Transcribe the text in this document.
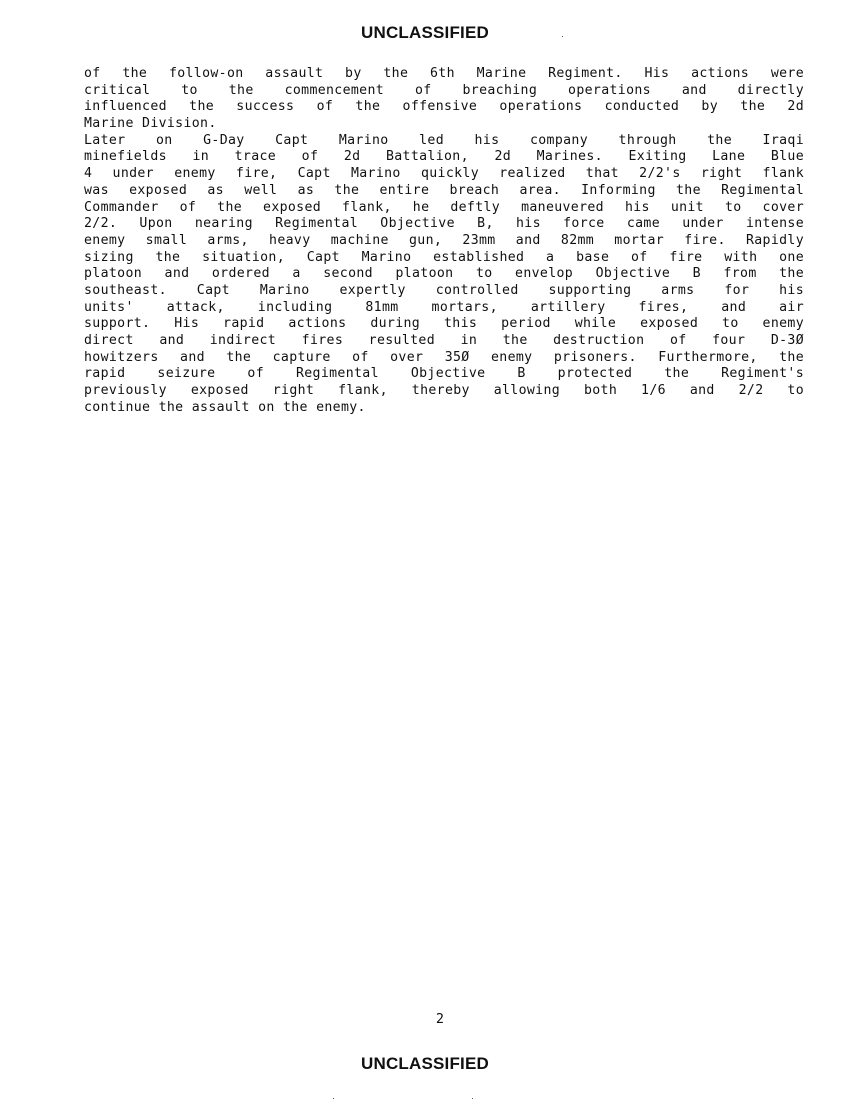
UNCLASSIFIED
of the follow-on assault by the 6th Marine Regiment. His actions were
critical to the commencement of breaching operations and directly
influenced the success of the offensive operations conducted by the 2d
Marine Division.
Later on G-Day Capt Marino led his company through the Iraqi
minefields in trace of 2d Battalion, 2d Marines. Exiting Lane Blue
4 under enemy fire, Capt Marino quickly realized that 2/2's right flank
was exposed as well as the entire breach area. Informing the Regimental
Commander of the exposed flank, he deftly maneuvered his unit to cover
2/2. Upon nearing Regimental Objective B, his force came under intense
enemy small arms, heavy machine gun, 23mm and 82mm mortar fire. Rapidly
sizing the situation, Capt Marino established a base of fire with one
platoon and ordered a second platoon to envelop Objective B from the
southeast. Capt Marino expertly controlled supporting arms for his
units' attack, including 81mm mortars, artillery fires, and air
support. His rapid actions during this period while exposed to enemy
direct and indirect fires resulted in the destruction of four D-3Ø
howitzers and the capture of over 35Ø enemy prisoners. Furthermore, the
rapid seizure of Regimental Objective B protected the Regiment's
previously exposed right flank, thereby allowing both 1/6 and 2/2 to
continue the assault on the enemy.
2
UNCLASSIFIED
